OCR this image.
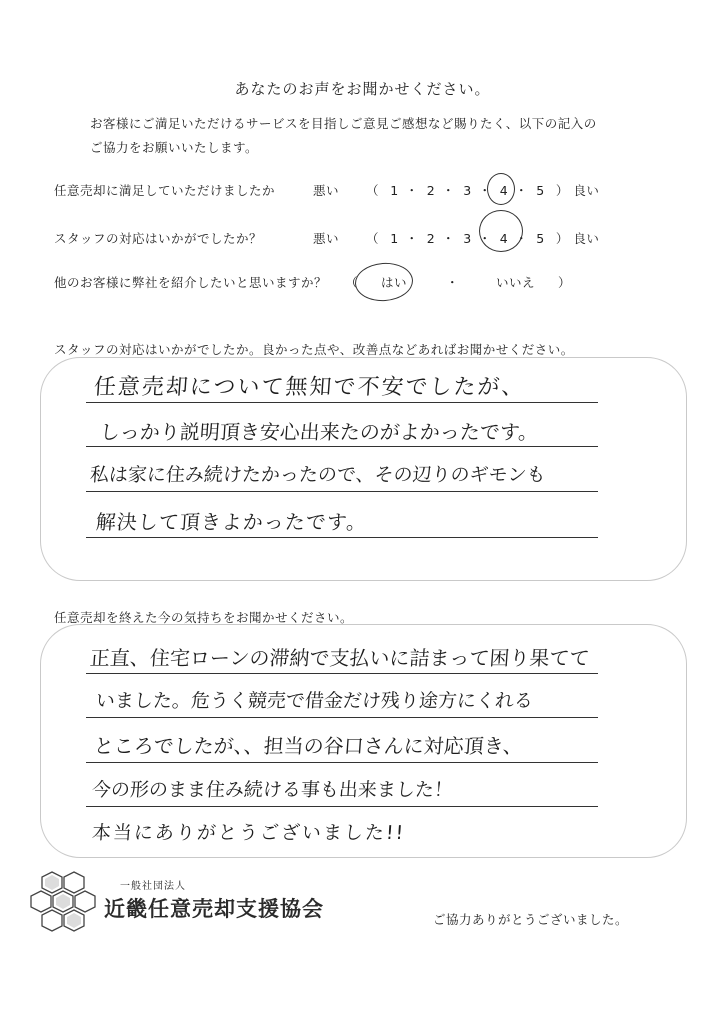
あなたのお声をお聞かせください。
お客様にご満足いただけるサービスを目指しご意見ご感想など賜りたく、以下の記入の
ご協力をお願いいたします。
任意売却に満足していただけましたか	悪い （ 1 ・ 2 ・ 3 ・ 4 ・ 5 ） 良い
スタッフの対応はいかがでしたか？	悪い （ 1 ・ 2 ・ 3 ・ 4 ・ 5 ） 良い
他のお客様に弊社を紹介したいと思いますか？ （ はい	・	いいえ ）
スタッフの対応はいかがでしたか。良かった点や、改善点などあればお聞かせください。
任意売却について無知で不安でしたが、
しっかり説明頂き安心出来たのがよかったです。
私は家に住み続けたかったので、その辺りのギモンも
解決して頂きよかったです。
任意売却を終えた今の気持ちをお聞かせください。
正直、住宅ローンの滞納で支払いに詰まって困り果てて
いました。危うく競売で借金だけ残り途方にくれる
ところでしたが、、担当の谷口さんに対応頂き、
今の形のまま住み続ける事も出来ました！
本当にありがとうございました!!
一般社団法人
近畿任意売却支援協会	ご協力ありがとうございました。
